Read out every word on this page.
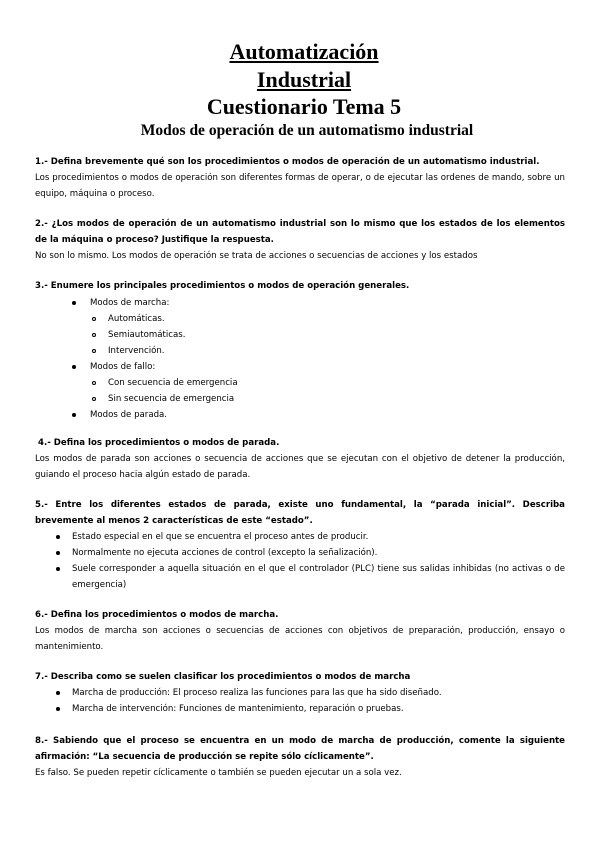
Automatización
Industrial
Cuestionario Tema 5
Modos de operación de un automatismo industrial
1.- Defina brevemente qué son los procedimientos o modos de operación de un automatismo industrial.
Los procedimientos o modos de operación son diferentes formas de operar, o de ejecutar las ordenes de mando, sobre un equipo, máquina o proceso.
2.- ¿Los modos de operación de un automatismo industrial son lo mismo que los estados de los elementos de la máquina o proceso? Justifique la respuesta.
No son lo mismo. Los modos de operación se trata de acciones o secuencias de acciones y los estados
3.- Enumere los principales procedimientos o modos de operación generales.
Modos de marcha:
Automáticas.
Semiautomáticas.
Intervención.
Modos de fallo:
Con secuencia de emergencia
Sin secuencia de emergencia
Modos de parada.
4.- Defina los procedimientos o modos de parada.
Los modos de parada son acciones o secuencia de acciones que se ejecutan con el objetivo de detener la producción, guiando el proceso hacia algún estado de parada.
5.- Entre los diferentes estados de parada, existe uno fundamental, la “parada inicial”. Describa brevemente al menos 2 características de este “estado”.
Estado especial en el que se encuentra el proceso antes de producir.
Normalmente no ejecuta acciones de control (excepto la señalización).
Suele corresponder a aquella situación en el que el controlador (PLC) tiene sus salidas inhibidas (no activas o de emergencia)
6.- Defina los procedimientos o modos de marcha.
Los modos de marcha son acciones o secuencias de acciones con objetivos de preparación, producción, ensayo o mantenimiento.
7.- Describa como se suelen clasificar los procedimientos o modos de marcha
Marcha de producción: El proceso realiza las funciones para las que ha sido diseñado.
Marcha de intervención: Funciones de mantenimiento, reparación o pruebas.
8.- Sabiendo que el proceso se encuentra en un modo de marcha de producción, comente la siguiente afirmación: “La secuencia de producción se repite sólo cíclicamente”.
Es falso. Se pueden repetir cíclicamente o también se pueden ejecutar un a sola vez.
